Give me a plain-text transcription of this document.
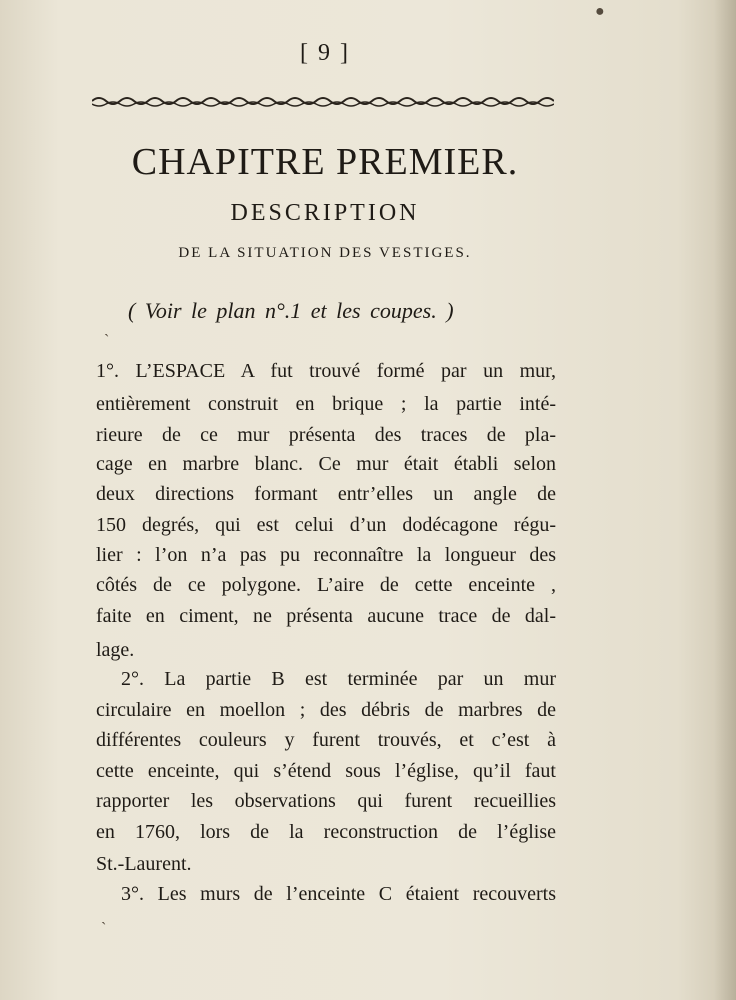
[ 9 ]
CHAPITRE PREMIER.
DESCRIPTION
DE LA SITUATION DES VESTIGES.
( Voir le plan n°.1 et les coupes. )
1°. L’ESPACE A fut trouvé formé par un mur,
entièrement construit en brique ; la partie inté-
rieure de ce mur présenta des traces de pla-
cage en marbre blanc. Ce mur était établi selon
deux directions formant entr’elles un angle de
150 degrés, qui est celui d’un dodécagone régu-
lier : l’on n’a pas pu reconnaître la longueur des
côtés de ce polygone. L’aire de cette enceinte ,
faite en ciment, ne présenta aucune trace de dal-
lage.
2°. La partie B est terminée par un mur
circulaire en moellon ; des débris de marbres de
différentes couleurs y furent trouvés, et c’est à
cette enceinte, qui s’étend sous l’église, qu’il faut
rapporter les observations qui furent recueillies
en 1760, lors de la reconstruction de l’église
St.-Laurent.
3°. Les murs de l’enceinte C étaient recouverts
●
ˎ
ˏ
